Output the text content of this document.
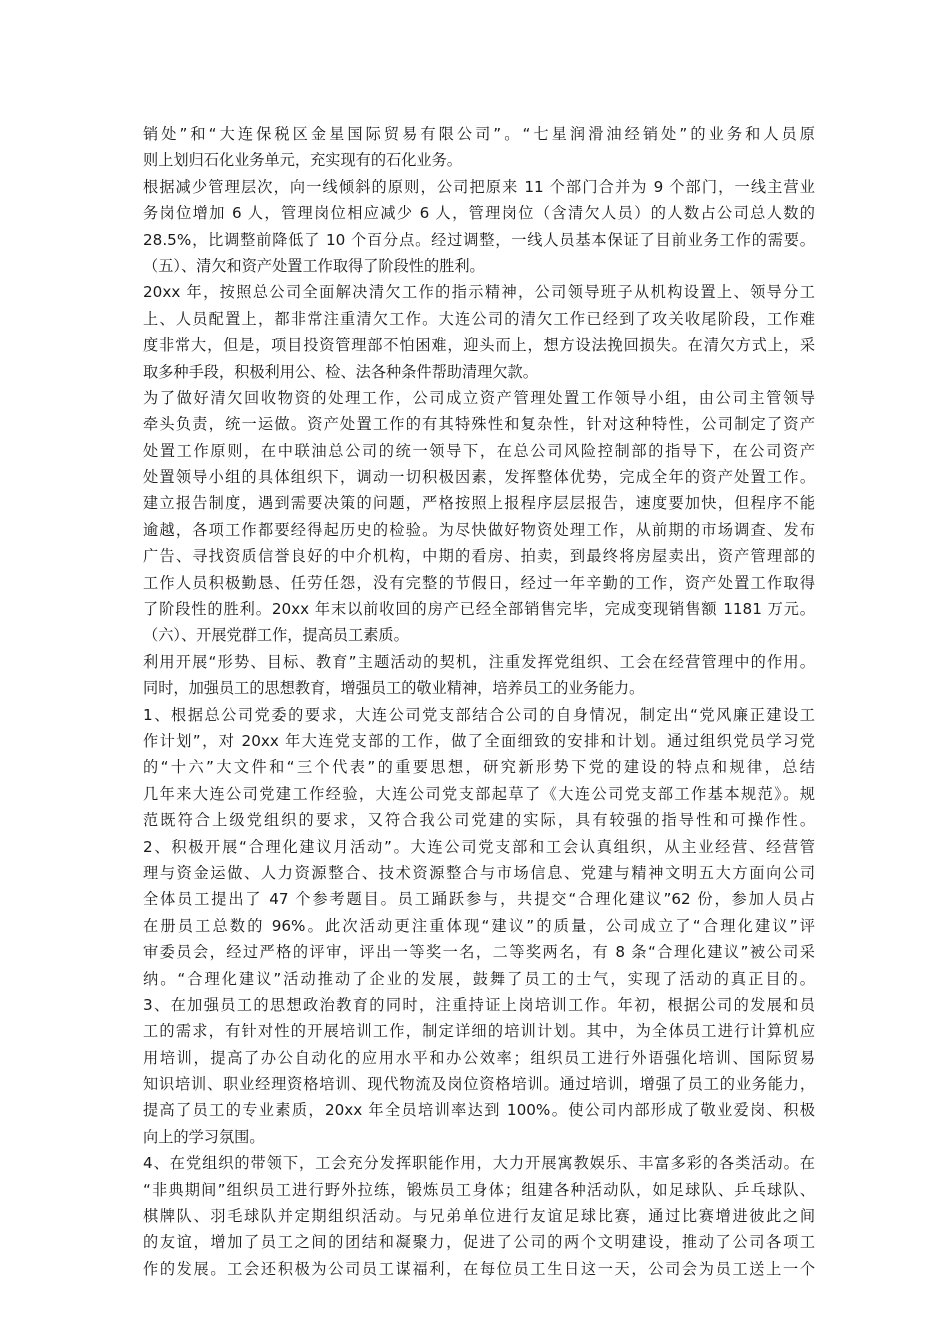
销处”和“大连保税区金星国际贸易有限公司”。“七星润滑油经销处”的业务和人员原
则上划归石化业务单元，充实现有的石化业务。
根据减少管理层次，向一线倾斜的原则，公司把原来 11 个部门合并为 9 个部门，一线主营业
务岗位增加 6 人，管理岗位相应减少 6 人，管理岗位（含清欠人员）的人数占公司总人数的
28.5%，比调整前降低了 10 个百分点。经过调整，一线人员基本保证了目前业务工作的需要。
（五）、清欠和资产处置工作取得了阶段性的胜利。
20xx 年，按照总公司全面解决清欠工作的指示精神，公司领导班子从机构设置上、领导分工
上、人员配置上，都非常注重清欠工作。大连公司的清欠工作已经到了攻关收尾阶段，工作难
度非常大，但是，项目投资管理部不怕困难，迎头而上，想方设法挽回损失。在清欠方式上，采
取多种手段，积极利用公、检、法各种条件帮助清理欠款。
为了做好清欠回收物资的处理工作，公司成立资产管理处置工作领导小组，由公司主管领导
牵头负责，统一运做。资产处置工作的有其特殊性和复杂性，针对这种特性，公司制定了资产
处置工作原则，在中联油总公司的统一领导下，在总公司风险控制部的指导下，在公司资产
处置领导小组的具体组织下，调动一切积极因素，发挥整体优势，完成全年的资产处置工作。
建立报告制度，遇到需要决策的问题，严格按照上报程序层层报告，速度要加快，但程序不能
逾越，各项工作都要经得起历史的检验。为尽快做好物资处理工作，从前期的市场调查、发布
广告、寻找资质信誉良好的中介机构，中期的看房、拍卖，到最终将房屋卖出，资产管理部的
工作人员积极勤恳、任劳任怨，没有完整的节假日，经过一年辛勤的工作，资产处置工作取得
了阶段性的胜利。20xx 年末以前收回的房产已经全部销售完毕，完成变现销售额 1181 万元。
（六）、开展党群工作，提高员工素质。
利用开展“形势、目标、教育”主题活动的契机，注重发挥党组织、工会在经营管理中的作用。
同时，加强员工的思想教育，增强员工的敬业精神，培养员工的业务能力。
1、根据总公司党委的要求，大连公司党支部结合公司的自身情况，制定出“党风廉正建设工
作计划”，对 20xx 年大连党支部的工作，做了全面细致的安排和计划。通过组织党员学习党
的“十六”大文件和“三个代表”的重要思想，研究新形势下党的建设的特点和规律，总结
几年来大连公司党建工作经验，大连公司党支部起草了《大连公司党支部工作基本规范》。规
范既符合上级党组织的要求，又符合我公司党建的实际，具有较强的指导性和可操作性。
2、积极开展“合理化建议月活动”。大连公司党支部和工会认真组织，从主业经营、经营管
理与资金运做、人力资源整合、技术资源整合与市场信息、党建与精神文明五大方面向公司
全体员工提出了 47 个参考题目。员工踊跃参与，共提交“合理化建议”62 份，参加人员占
在册员工总数的 96%。此次活动更注重体现“建议”的质量，公司成立了“合理化建议”评
审委员会，经过严格的评审，评出一等奖一名，二等奖两名，有 8 条“合理化建议”被公司采
纳。“合理化建议”活动推动了企业的发展，鼓舞了员工的士气，实现了活动的真正目的。
3、在加强员工的思想政治教育的同时，注重持证上岗培训工作。年初，根据公司的发展和员
工的需求，有针对性的开展培训工作，制定详细的培训计划。其中，为全体员工进行计算机应
用培训，提高了办公自动化的应用水平和办公效率；组织员工进行外语强化培训、国际贸易
知识培训、职业经理资格培训、现代物流及岗位资格培训。通过培训，增强了员工的业务能力，
提高了员工的专业素质，20xx 年全员培训率达到 100%。使公司内部形成了敬业爱岗、积极
向上的学习氛围。
4、在党组织的带领下，工会充分发挥职能作用，大力开展寓教娱乐、丰富多彩的各类活动。在
“非典期间”组织员工进行野外拉练，锻炼员工身体；组建各种活动队，如足球队、乒乓球队、
棋牌队、羽毛球队并定期组织活动。与兄弟单位进行友谊足球比赛，通过比赛增进彼此之间
的友谊，增加了员工之间的团结和凝聚力，促进了公司的两个文明建设，推动了公司各项工
作的发展。工会还积极为公司员工谋福利，在每位员工生日这一天，公司会为员工送上一个
